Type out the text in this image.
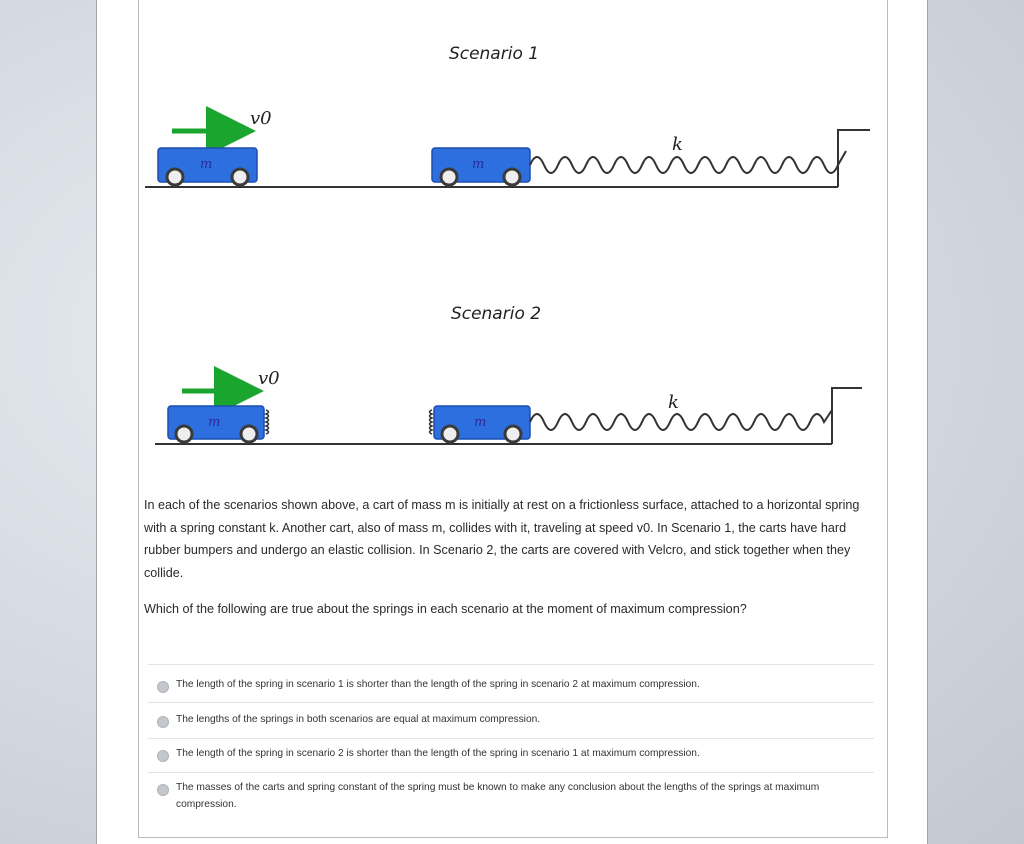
Scenario 1
Scenario 2
v0
m	m
k
v0
m	m
k
In each of the scenarios shown above, a cart of mass m is initially at rest on a frictionless surface, attached to a horizontal spring with a spring constant k. Another cart, also of mass m, collides with it, traveling at speed v0. In Scenario 1, the carts have hard rubber bumpers and undergo an elastic collision. In Scenario 2, the carts are covered with Velcro, and stick together when they collide.
Which of the following are true about the springs in each scenario at the moment of maximum compression?
The length of the spring in scenario 1 is shorter than the length of the spring in scenario 2 at maximum compression.
The lengths of the springs in both scenarios are equal at maximum compression.
The length of the spring in scenario 2 is shorter than the length of the spring in scenario 1 at maximum compression.
The masses of the carts and spring constant of the spring must be known to make any conclusion about the lengths of the springs at maximum compression.
